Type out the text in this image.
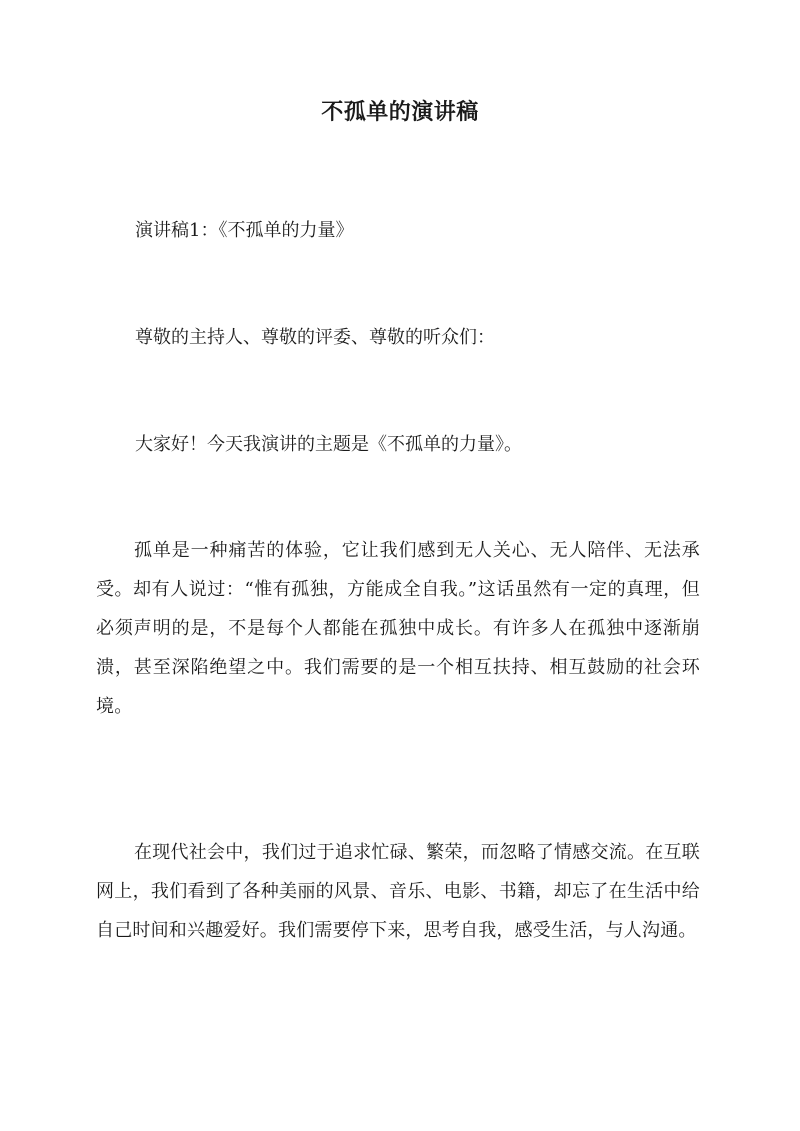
不孤单的演讲稿
演讲稿1：《不孤单的力量》
尊敬的主持人、尊敬的评委、尊敬的听众们：
大家好！今天我演讲的主题是《不孤单的力量》。
孤单是一种痛苦的体验，它让我们感到无人关心、无人陪伴、无法承受。却有人说过：“惟有孤独，方能成全自我。”这话虽然有一定的真理，但必须声明的是，不是每个人都能在孤独中成长。有许多人在孤独中逐渐崩溃，甚至深陷绝望之中。我们需要的是一个相互扶持、相互鼓励的社会环境。
在现代社会中，我们过于追求忙碌、繁荣，而忽略了情感交流。在互联网上，我们看到了各种美丽的风景、音乐、电影、书籍，却忘了在生活中给自己时间和兴趣爱好。我们需要停下来，思考自我，感受生活，与人沟通。
